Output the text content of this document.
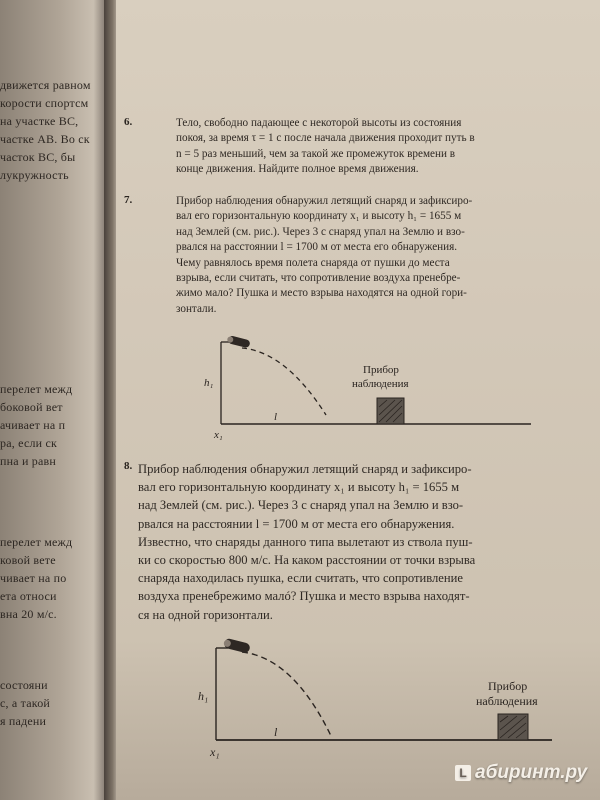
движется равном
корости спортсм
на участке ВС,
частке АВ. Во ск
часток ВС, бы
лукружность
перелет межд
боковой вет
ачивает на п
ра, если ск
пна и равн
перелет межд
ковой вете
чивает на по
ета относи
вна 20 м/с.
состояни
с, а такой
я падени
6.	Тело, свободно падающее с некоторой высоты из состояния
покоя, за время τ = 1 с после начала движения проходит путь в
n = 5 раз меньший, чем за такой же промежуток времени в
конце движения. Найдите полное время движения.
7.	Прибор наблюдения обнаружил летящий снаряд и зафиксиро-
вал его горизонтальную координату x₁ и высоту h₁ = 1655 м
над Землей (см. рис.). Через 3 с снаряд упал на Землю и взо-
рвался на расстоянии l = 1700 м от места его обнаружения.
Чему равнялось время полета снаряда от пушки до места
взрыва, если считать, что сопротивление воздуха пренебре-
жимо мало? Пушка и место взрыва находятся на одной гори-
зонтали.
h₁
x₁
l
Прибор
наблюдения
8. Прибор наблюдения обнаружил летящий снаряд и зафиксиро-
вал его горизонтальную координату x₁ и высоту h₁ = 1655 м
над Землей (см. рис.). Через 3 с снаряд упал на Землю и взо-
рвался на расстоянии l = 1700 м от места его обнаружения.
Известно, что снаряды данного типа вылетают из ствола пуш-
ки со скоростью 800 м/с. На каком расстоянии от точки взрыва
снаряда находилась пушка, если считать, что сопротивление
воздуха пренебрежимо малó? Пушка и место взрыва находят-
ся на одной горизонтали.
h₁
x₁
l
Прибор
наблюдения
L абиринт.ру
